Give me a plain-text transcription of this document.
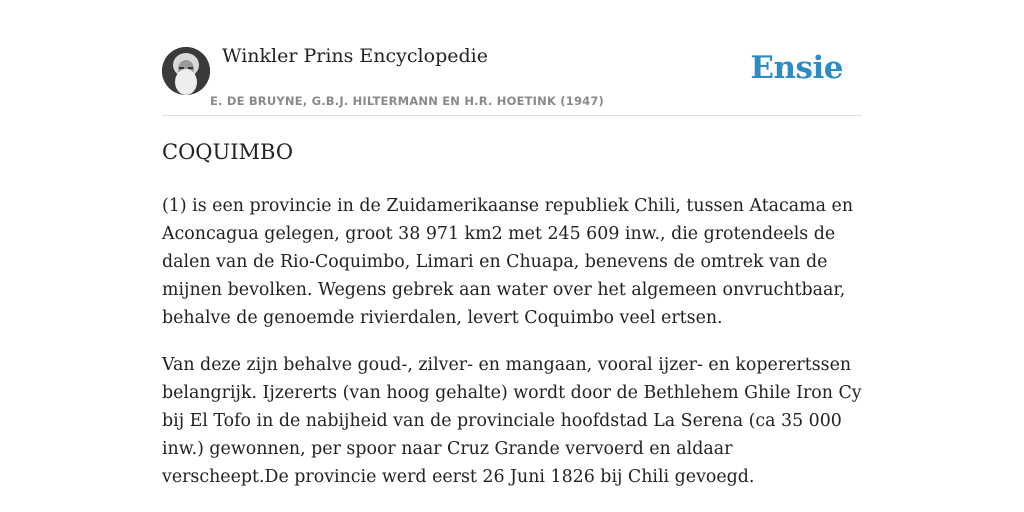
Winkler Prins Encyclopedie
E. DE BRUYNE, G.B.J. HILTERMANN EN H.R. HOETINK (1947)
Ensie
COQUIMBO

(1) is een provincie in de Zuidamerikaanse republiek Chili, tussen Atacama en Aconcagua gelegen, groot 38 971 km2 met 245 609 inw., die grotendeels de dalen van de Rio-Coquimbo, Limari en Chuapa, benevens de omtrek van de mijnen bevolken. Wegens gebrek aan water over het algemeen onvruchtbaar, behalve de genoemde rivierdalen, levert Coquimbo veel ertsen.

Van deze zijn behalve goud-, zilver- en mangaan, vooral ijzer- en koperertssen belangrijk. Ijzererts (van hoog gehalte) wordt door de Bethlehem Ghile Iron Cy bij El Tofo in de nabijheid van de provinciale hoofdstad La Serena (ca 35 000 inw.) gewonnen, per spoor naar Cruz Grande vervoerd en aldaar verscheept.De provincie werd eerst 26 Juni 1826 bij Chili gevoegd.
